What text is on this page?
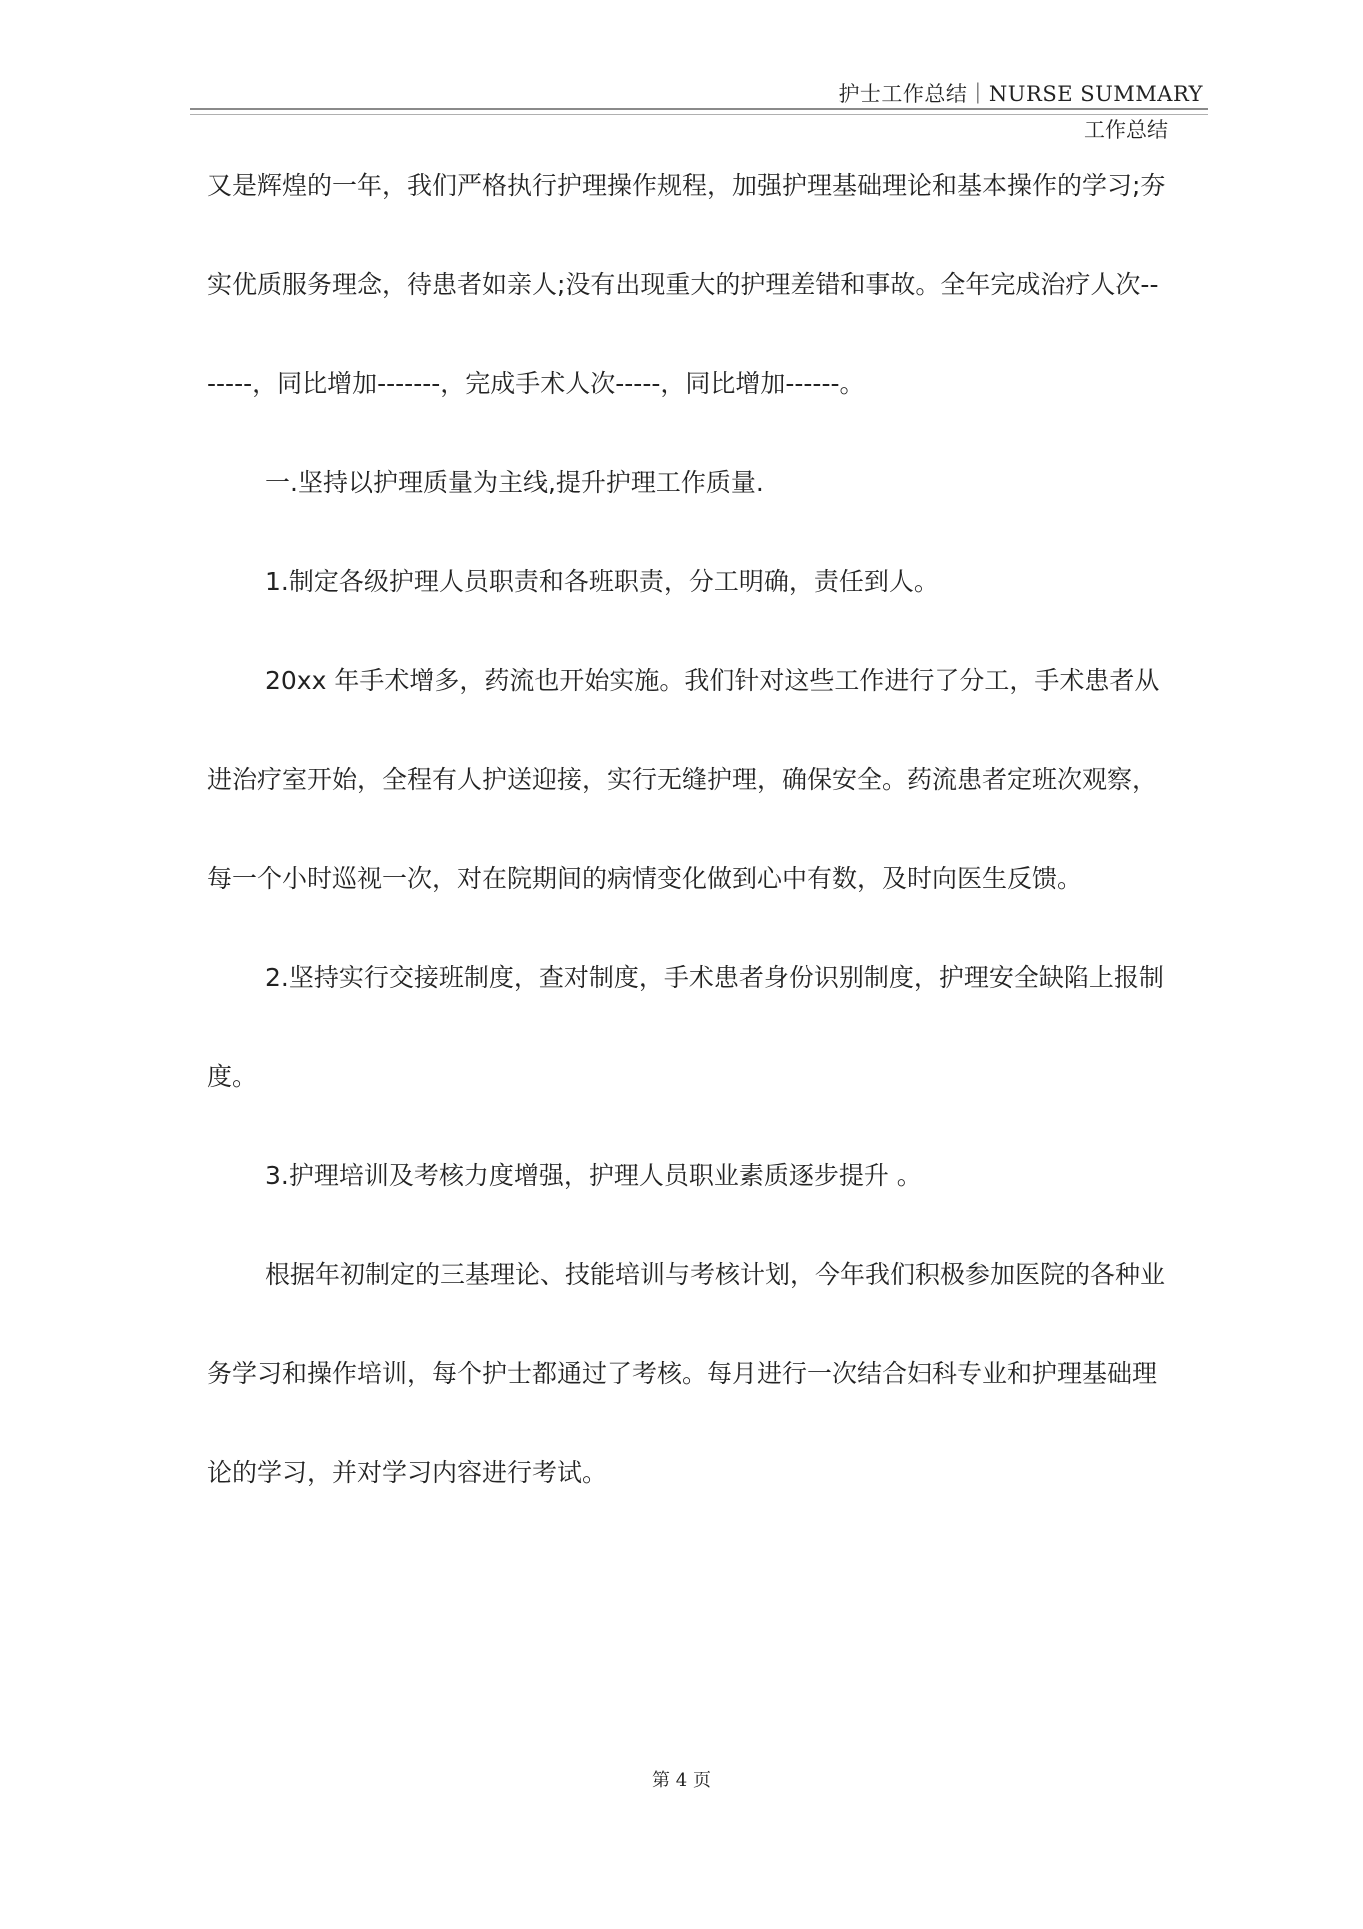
护士工作总结｜NURSE SUMMARY
工作总结

又是辉煌的一年，我们严格执行护理操作规程，加强护理基础理论和基本操作的学习;夯实优质服务理念，待患者如亲人;没有出现重大的护理差错和事故。全年完成治疗人次-------，同比增加-------，完成手术人次-----，同比增加------。

一.坚持以护理质量为主线,提升护理工作质量.

1.制定各级护理人员职责和各班职责，分工明确，责任到人。

20xx 年手术增多，药流也开始实施。我们针对这些工作进行了分工，手术患者从进治疗室开始，全程有人护送迎接，实行无缝护理，确保安全。药流患者定班次观察，每一个小时巡视一次，对在院期间的病情变化做到心中有数，及时向医生反馈。

2.坚持实行交接班制度，查对制度，手术患者身份识别制度，护理安全缺陷上报制度。

3.护理培训及考核力度增强，护理人员职业素质逐步提升 。

根据年初制定的三基理论、技能培训与考核计划，今年我们积极参加医院的各种业务学习和操作培训，每个护士都通过了考核。每月进行一次结合妇科专业和护理基础理论的学习，并对学习内容进行考试。

第 4 页
